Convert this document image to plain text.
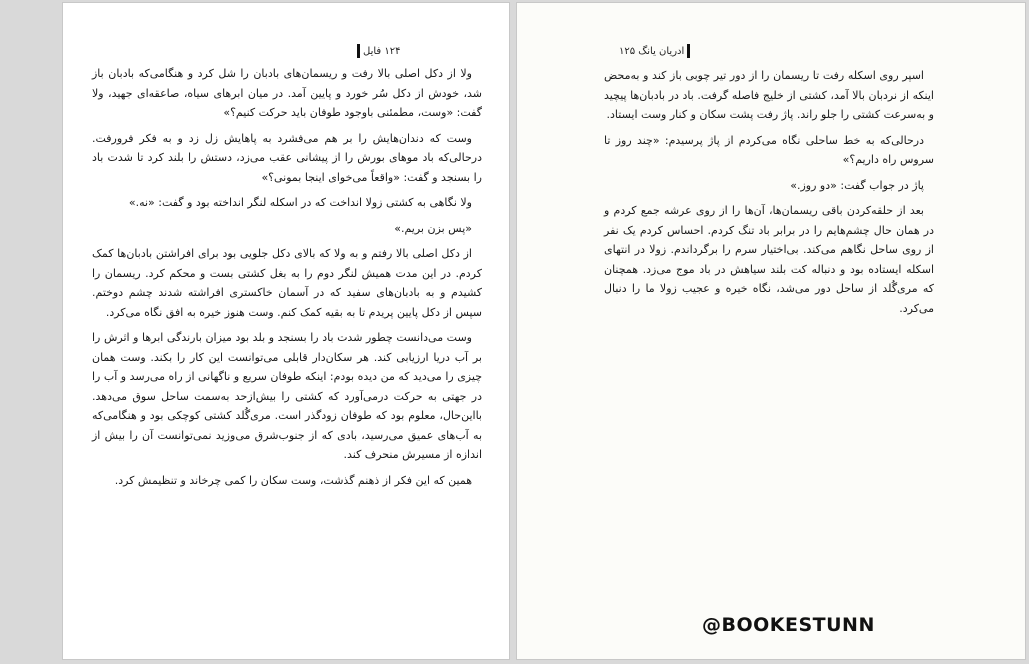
۱۲۴ فایل

ولا از دکل اصلی بالا رفت و ریسمان‌های بادبان را شل کرد و هنگامی‌که بادبان باز شد، خودش از دکل سُر خورد و پایین آمد. در میان ابرهای سیاه، صاعقه‌ای جهید، ولا گفت: «وست، مطمئنی باوجود طوفان باید حرکت کنیم؟»

وست که دندان‌هایش را بر هم می‌فشرد به پاهایش زل زد و به فکر فرورفت. درحالی‌که باد موهای بورش را از پیشانی عقب می‌زد، دستش را بلند کرد تا شدت باد را بسنجد و گفت: «واقعاً می‌خوای اینجا بمونی؟»

ولا نگاهی به کشتی زولا انداخت که در اسکله لنگر انداخته بود و گفت: «نه.»

«پس بزن بریم.»

از دکل اصلی بالا رفتم و به ولا که بالای دکل جلویی بود برای افراشتن بادبان‌ها کمک کردم. در این مدت همیش لنگر دوم را به بغل کشتی بست و محکم کرد. ریسمان را کشیدم و به بادبان‌های سفید که در آسمان خاکستری افراشته شدند چشم دوختم. سپس از دکل پایین پریدم تا به بقیه کمک کنم. وست هنوز خیره به افق نگاه می‌کرد.

وست می‌دانست چطور شدت باد را بسنجد و بلد بود میزان بارندگی ابرها و اثرش را بر آب دریا ارزیابی کند. هر سکان‌دار قابلی می‌توانست این کار را بکند. وست همان چیزی را می‌دید که من دیده بودم: اینکه طوفان سریع و ناگهانی از راه می‌رسد و آب را در جهتی به حرکت درمی‌آورد که کشتی را بیش‌ازحد به‌سمت ساحل سوق می‌دهد. بااین‌حال، معلوم بود که طوفان زودگذر است. مری‌گُلد کشتی کوچکی بود و هنگامی‌که به آب‌های عمیق می‌رسید، بادی که از جنوب‌شرق می‌وزید نمی‌توانست آن را بیش از اندازه از مسیرش منحرف کند.

همین که این فکر از ذهنم گذشت، وست سکان را کمی چرخاند و تنظیمش کرد.

ادریان یانگ ۱۲۵

اسپر روی اسکله رفت تا ریسمان را از دور تیر چوبی باز کند و به‌محض اینکه از نردبان بالا آمد، کشتی از خلیج فاصله گرفت. باد در بادبان‌ها پیچید و به‌سرعت کشتی را جلو راند. پاژ رفت پشت سکان و کنار وست ایستاد.

درحالی‌که به خط ساحلی نگاه می‌کردم از پاژ پرسیدم: «چند روز تا سروس راه داریم؟»

پاژ در جواب گفت: «دو روز.»

بعد از حلقه‌کردن باقی ریسمان‌ها، آن‌ها را از روی عرشه جمع کردم و در همان حال چشم‌هایم را در برابر باد تنگ کردم. احساس کردم یک نفر از روی ساحل نگاهم می‌کند. بی‌اختیار سرم را برگرداندم. زولا در انتهای اسکله ایستاده بود و دنباله کت بلند سیاهش در باد موج می‌زد. همچنان که مری‌گُلد از ساحل دور می‌شد، نگاه خیره و عجیب زولا ما را دنبال می‌کرد.

@BOOKESTUNN
